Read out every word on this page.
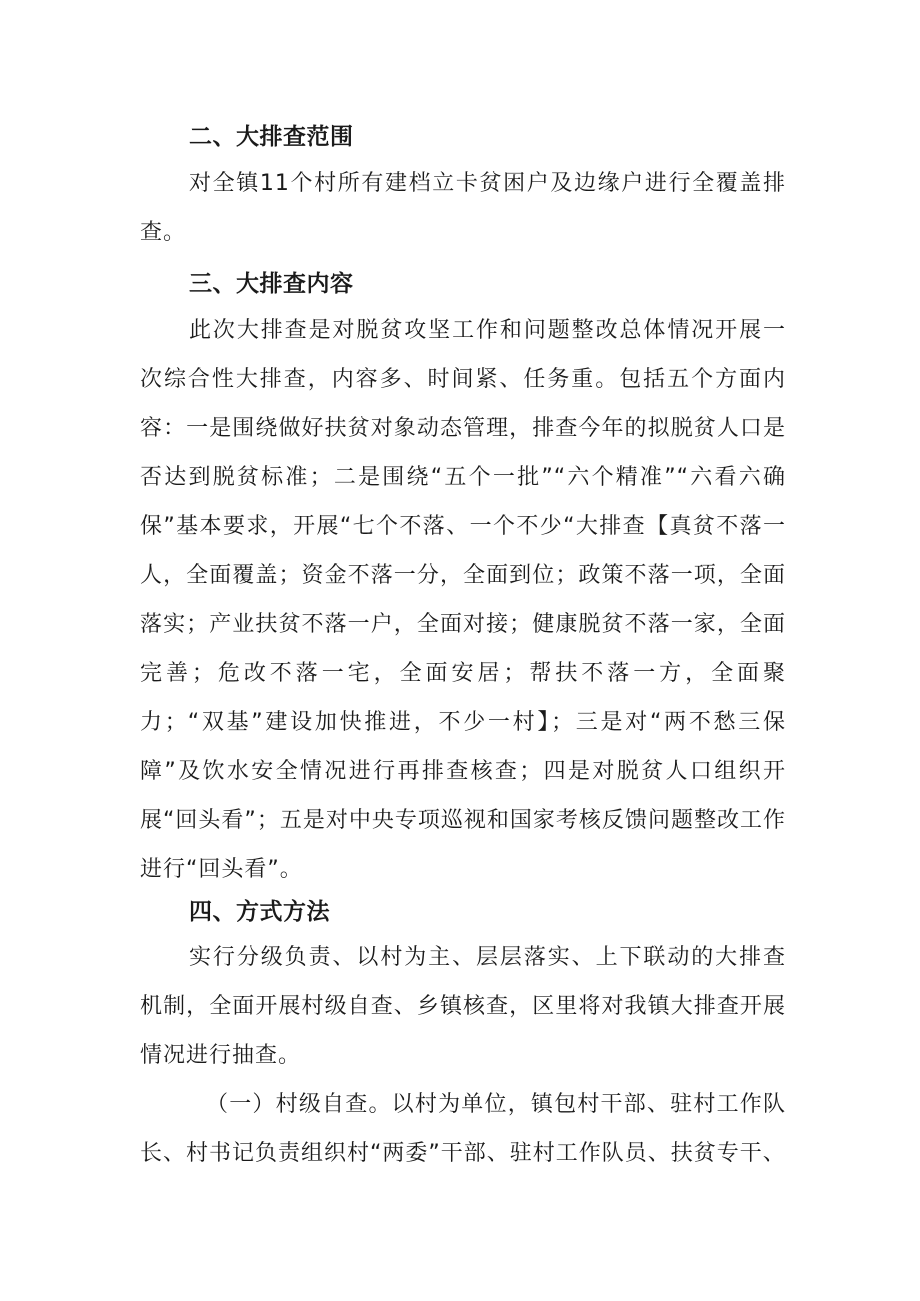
二、大排查范围
对全镇11个村所有建档立卡贫困户及边缘户进行全覆盖排查。
三、大排查内容
此次大排查是对脱贫攻坚工作和问题整改总体情况开展一次综合性大排查，内容多、时间紧、任务重。包括五个方面内容：一是围绕做好扶贫对象动态管理，排查今年的拟脱贫人口是否达到脱贫标准；二是围绕“五个一批”“六个精准”“六看六确保”基本要求，开展“七个不落、一个不少“大排查【真贫不落一人，全面覆盖；资金不落一分，全面到位；政策不落一项，全面落实；产业扶贫不落一户，全面对接；健康脱贫不落一家，全面完善；危改不落一宅，全面安居；帮扶不落一方，全面聚力；“双基”建设加快推进，不少一村】；三是对“两不愁三保障”及饮水安全情况进行再排查核查；四是对脱贫人口组织开展“回头看”；五是对中央专项巡视和国家考核反馈问题整改工作进行“回头看”。
四、方式方法
实行分级负责、以村为主、层层落实、上下联动的大排查机制，全面开展村级自查、乡镇核查，区里将对我镇大排查开展情况进行抽查。
（一）村级自查。以村为单位，镇包村干部、驻村工作队长、村书记负责组织村“两委”干部、驻村工作队员、扶贫专干、
